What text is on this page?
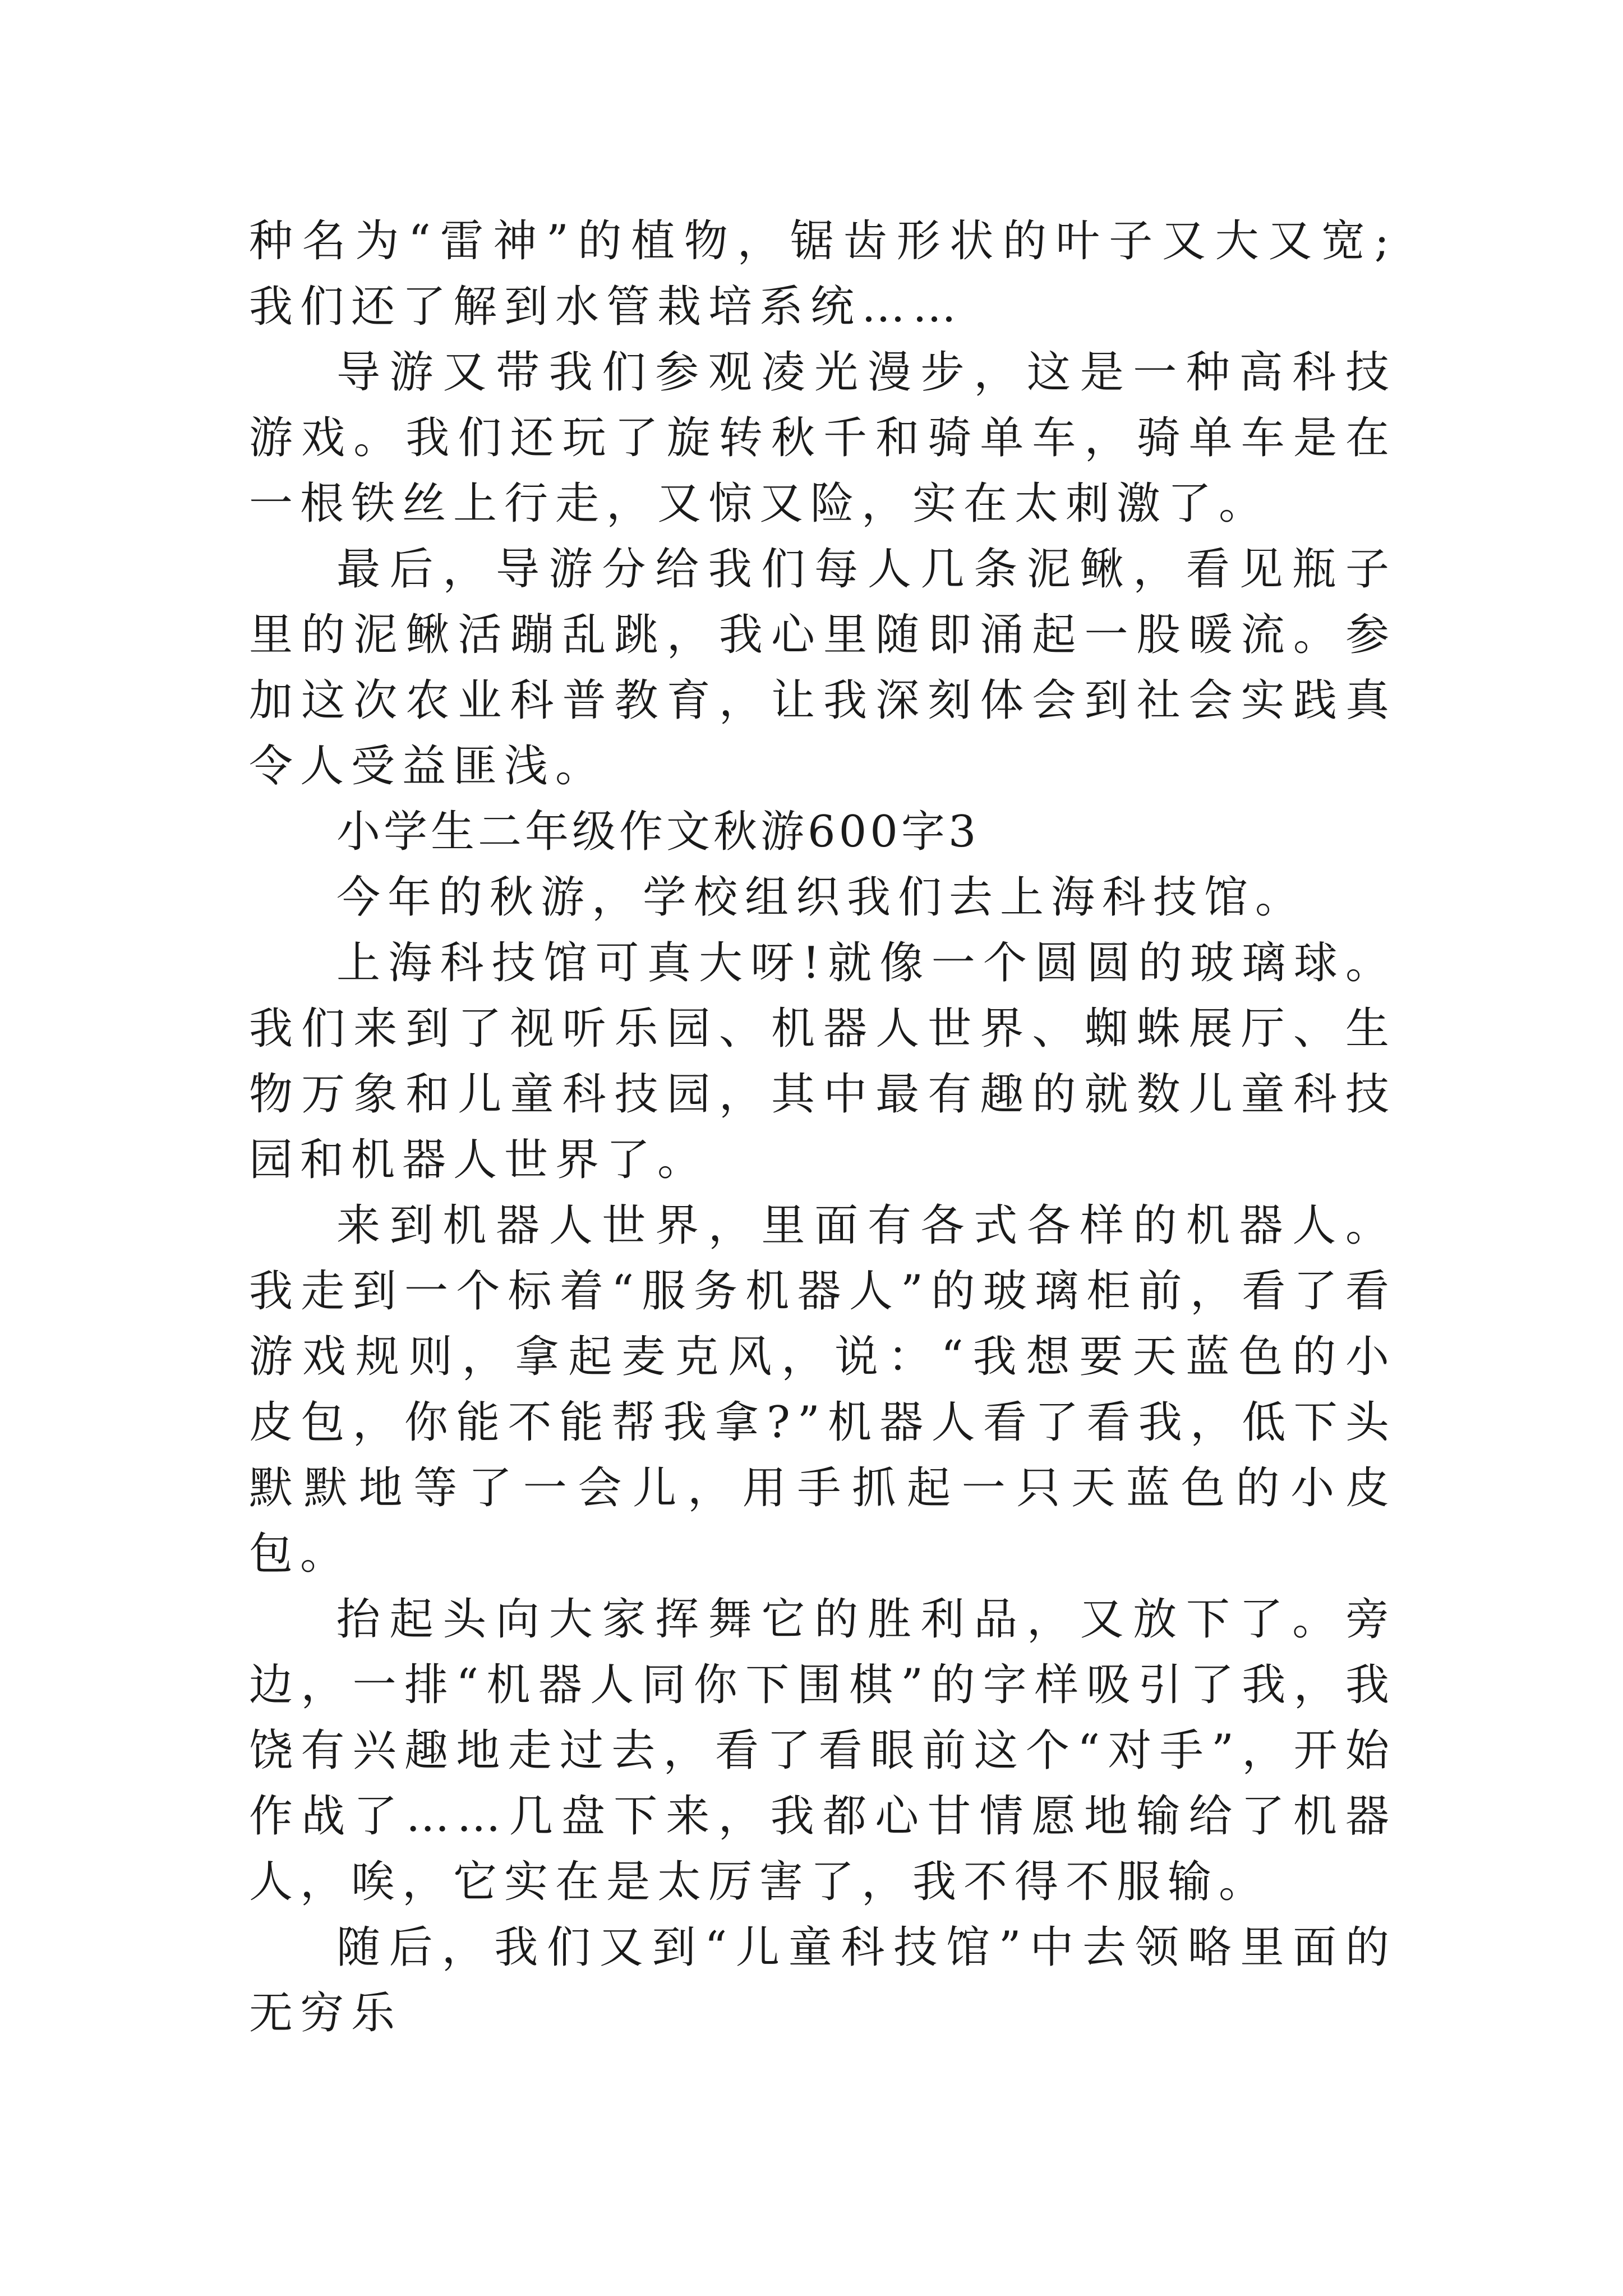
种名为“雷神”的植物，锯齿形状的叶子又大又宽;我们还了解到水管栽培系统……

导游又带我们参观凌光漫步，这是一种高科技游戏。我们还玩了旋转秋千和骑单车，骑单车是在一根铁丝上行走，又惊又险，实在太刺激了。

最后，导游分给我们每人几条泥鳅，看见瓶子里的泥鳅活蹦乱跳，我心里随即涌起一股暖流。参加这次农业科普教育，让我深刻体会到社会实践真令人受益匪浅。

小学生二年级作文秋游600字3

今年的秋游，学校组织我们去上海科技馆。

上海科技馆可真大呀!就像一个圆圆的玻璃球。我们来到了视听乐园、机器人世界、蜘蛛展厅、生物万象和儿童科技园，其中最有趣的就数儿童科技园和机器人世界了。

来到机器人世界，里面有各式各样的机器人。我走到一个标着“服务机器人”的玻璃柜前，看了看游戏规则，拿起麦克风，说：“我想要天蓝色的小皮包，你能不能帮我拿?”机器人看了看我，低下头默默地等了一会儿，用手抓起一只天蓝色的小皮包。

抬起头向大家挥舞它的胜利品，又放下了。旁边，一排“机器人同你下围棋”的字样吸引了我，我饶有兴趣地走过去，看了看眼前这个“对手”，开始作战了……几盘下来，我都心甘情愿地输给了机器人，唉，它实在是太厉害了，我不得不服输。

随后，我们又到“儿童科技馆”中去领略里面的无穷乐
